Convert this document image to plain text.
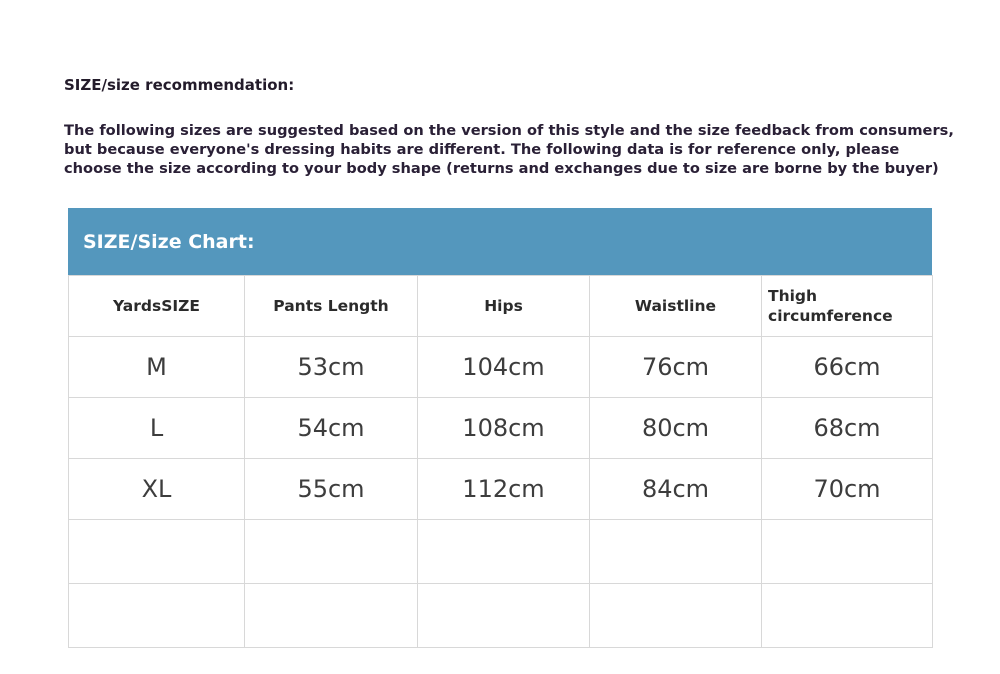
SIZE/size recommendation:
The following sizes are suggested based on the version of this style and the size feedback from consumers,
but because everyone's dressing habits are different. The following data is for reference only, please
choose the size according to your body shape (returns and exchanges due to size are borne by the buyer)
SIZE/Size Chart:
YardsSIZE	Pants Length	Hips	Waistline	Thigh circumference
M	53cm	104cm	76cm	66cm
L	54cm	108cm	80cm	68cm
XL	55cm	112cm	84cm	70cm
